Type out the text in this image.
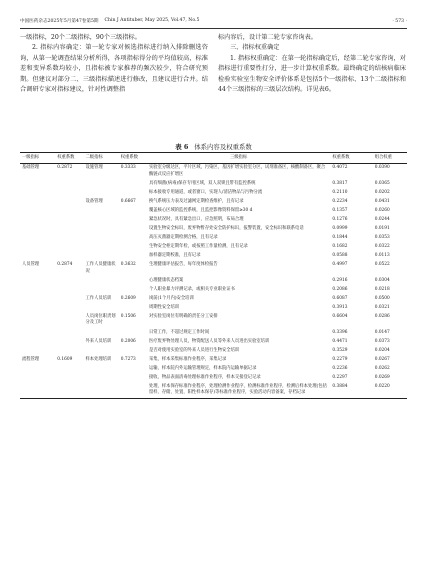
中国医药杂志2025年5月第47卷第5期 Chin J Antituber, May 2025, Vol.47, No.5	· 573 ·

一级指标，20个二级指标，90个三级指标。

2. 指标内容确定：第一轮专家对候选指标进行纳入排除删选咨询，从第一轮调查结果分析所得，各项指标得分的平均值较高，标准差和变异系数均较小，且指标被专家推荐的频次较少，符合研究预期。但建议对部分二、三级指标描述进行修改，且建议进行合并。结合调研专家对指标建议，针对性调整指

标内容后，设计第二轮专家咨询表。

三、指标权重确定

1. 指标权重确定：在第一轮指标确定后，经第二轮专家咨询，对指标进行重要性打分，进一步计算权重系数。最终确定的结核病临床检验实验室生物安全评价体系是包括5个一级指标、13个二级指标和44个三级指标的三级层次结构。详见表6。

表 6 体系内容及权重系数
一级指标	权重系数	二级指标	权重系数	三级指标	权重系数	组合权重
基础管理	0.2872	设施管理	0.3333	实验室分级达区，平片区域，污染区，基因扩增实验室分区，试剂准备区，核酸制备区，聚合酶链式反应扩增区	0.4072	0.0390
				具有细菌(病毒)保存专用区域，双人双锁且带有监控系统	0.3817	0.0365
				标本接收专用通道，或者窗口，实现人/清洁物品与污物分流	0.2110	0.0202
		设备管理	0.6667	换气系统压力表及过滤网定期检查维护，且有记录	0.2234	0.0431
				覆盖核心区域的监控系统，且监控影像资料保留≥30 d	0.1357	0.0260
				紧急状况时，具有紧急出口，应急照明，布局合理	0.1276	0.0244
				设置生物安全标识，废弃物暂存处安全防护标识，报警装置，安全标识和联系电话	0.0999	0.0191
				高压灭菌器定期检测合格，且有记录	0.1844	0.0353
				生物安全柜定期年检，或按照工作量检测，且有记录	0.1682	0.0322
				加样器定期校准，且有记录	0.0588	0.0113
人员管理	0.2874	工作人员健康状况	0.3632	生理健康评估报告，每年度体检报告	0.4997	0.0522
				心理健康状态档案	0.2916	0.0304
				个人职业暴力评测记录，或相关专业职业证书	0.2086	0.0218
		工作人员培训	0.2609	岗前(1个月内)安全培训	0.6087	0.0500
				周期性安全培训	0.3913	0.0321
		人员岗位职责划分及工时	0.1506	对实验室岗位有明确的责任分工安排	0.6604	0.0286
				日常工作，不超过规定工作时间	0.3396	0.0147
		外来人员培训	0.2006	医疗废弃物处理人员，物资配送人员等外来人员进出实验室培训	0.4471	0.0373
				是否对使用实验室的外来人员进行生物安全培训	0.3529	0.0204
流程管理	0.1609	样本处理培训	0.7273	采集，样本采集标准作业程序，采集记录	0.2279	0.0267
				运输，样本院内外运输管理规定，样本院内运输单据记录	0.2236	0.0262
				接收，物品表面清毒处理标准作业程序，样本交接登记记录	0.2297	0.0269
				处理，样本保存标准作业程序，处理检测作业程序，检测标准作业程序，检测后样本处理(包括留样，存储，处置，阳性样本保存)等标准作业程序，实验活动内容备案，存档记录	0.3884	0.0220
